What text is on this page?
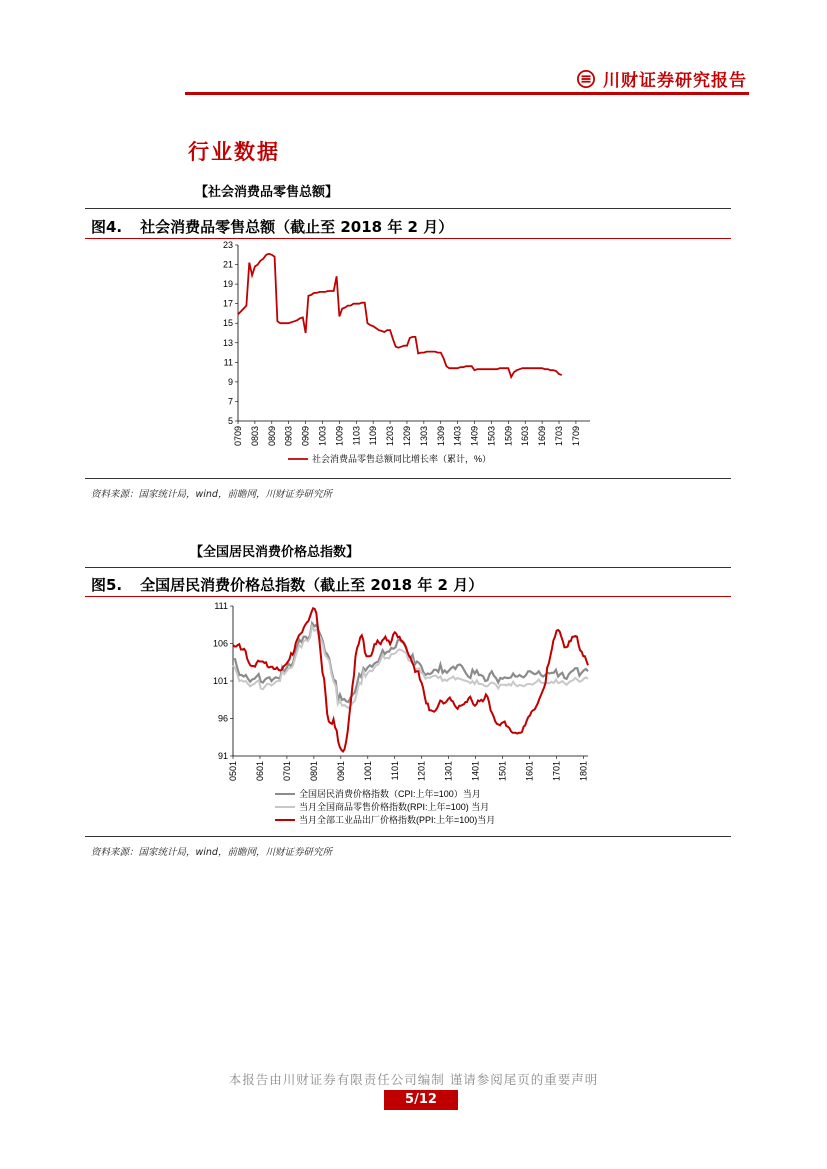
川财证券研究报告
行业数据
【社会消费品零售总额】
图4. 社会消费品零售总额（截止至 2018 年 2 月）
5
7
9
11
13
15
17
19
21
23
0709 0803 0809 0903 0909 1003 1009 1103 1109 1203 1209 1303 1309 1403 1409 1503 1509 1603 1609 1703 1709
社会消费品零售总额同比增长率（累计，%）
资料来源：国家统计局，wind，前瞻网，川财证券研究所
【全国居民消费价格总指数】
图5. 全国居民消费价格总指数（截止至 2018 年 2 月）
91
96
101
106
111
0501 0601 0701 0801 0901 1001 1101 1201 1301 1401 1501 1601 1701 1801
全国居民消费价格指数（CPI:上年=100）当月
当月全国商品零售价格指数(RPI:上年=100) 当月
当月全部工业品出厂价格指数(PPI:上年=100)当月
资料来源：国家统计局，wind，前瞻网，川财证券研究所
本报告由川财证券有限责任公司编制 谨请参阅尾页的重要声明
5/12
